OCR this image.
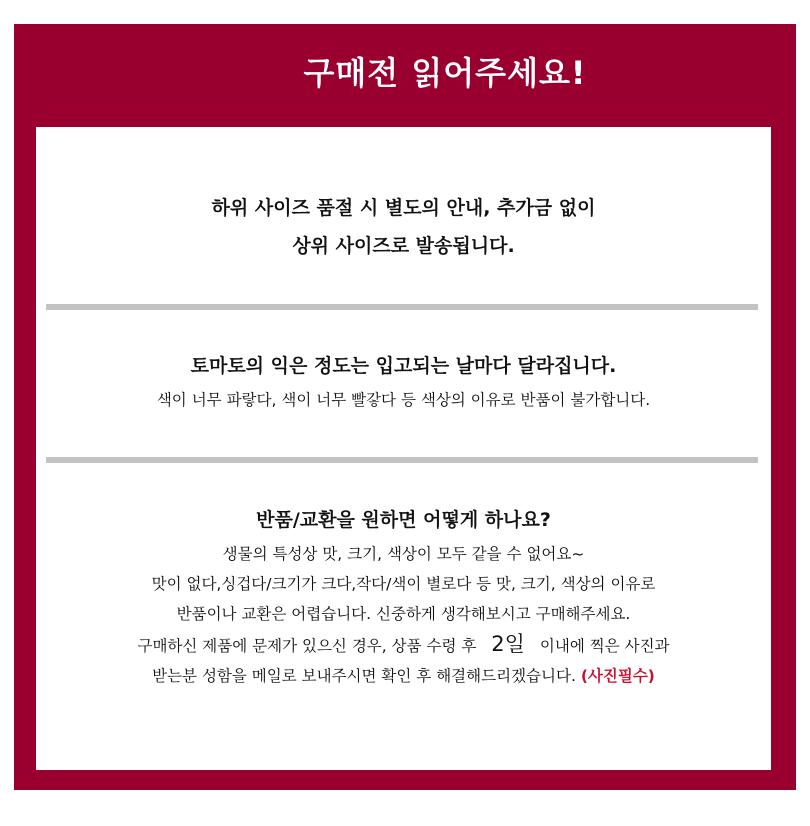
구매전 읽어주세요!

하위 사이즈 품절 시 별도의 안내, 추가금 없이

상위 사이즈로 발송됩니다.

토마토의 익은 정도는 입고되는 날마다 달라집니다.

색이 너무 파랗다, 색이 너무 빨갛다 등 색상의 이유로 반품이 불가합니다.

반품/교환을 원하면 어떻게 하나요?

생물의 특성상 맛, 크기, 색상이 모두 같을 수 없어요~

맛이 없다,싱겁다/크기가 크다,작다/색이 별로다 등 맛, 크기, 색상의 이유로

반품이나 교환은 어렵습니다. 신중하게 생각해보시고 구매해주세요.

구매하신 제품에 문제가 있으신 경우, 상품 수령 후 2일 이내에 찍은 사진과

받는분 성함을 메일로 보내주시면 확인 후 해결해드리겠습니다. (사진필수)
